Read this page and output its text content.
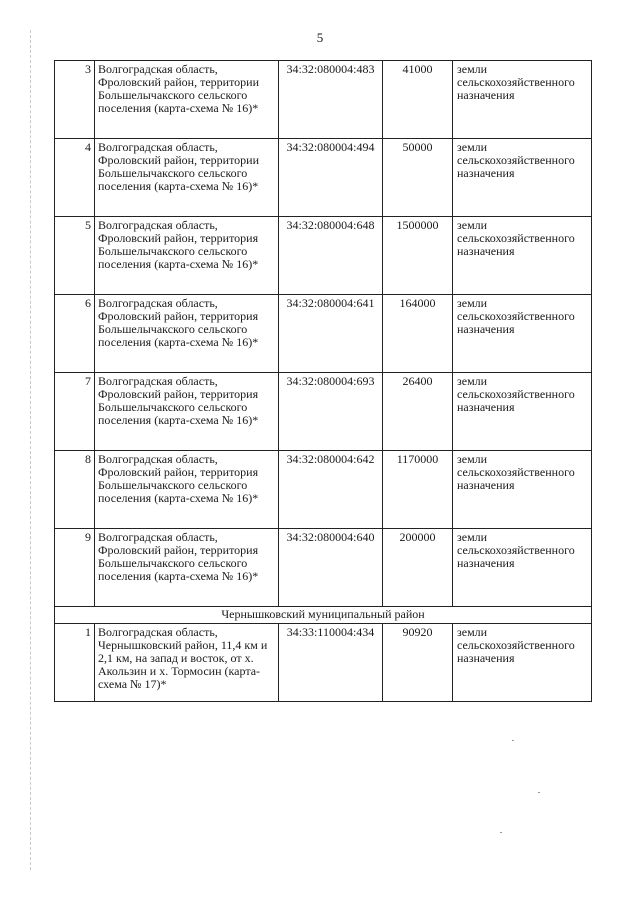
5
3	Волгоградская область, Фроловский район, территории Большелычакского сельского поселения (карта-схема № 16)*	34:32:080004:483	41000	земли сельскохозяйственного назначения
4	Волгоградская область, Фроловский район, территории Большелычакского сельского поселения (карта-схема № 16)*	34:32:080004:494	50000	земли сельскохозяйственного назначения
5	Волгоградская область, Фроловский район, территория Большелычакского сельского поселения (карта-схема № 16)*	34:32:080004:648	1500000	земли сельскохозяйственного назначения
6	Волгоградская область, Фроловский район, территория Большелычакского сельского поселения (карта-схема № 16)*	34:32:080004:641	164000	земли сельскохозяйственного назначения
7	Волгоградская область, Фроловский район, территория Большелычакского сельского поселения (карта-схема № 16)*	34:32:080004:693	26400	земли сельскохозяйственного назначения
8	Волгоградская область, Фроловский район, территория Большелычакского сельского поселения (карта-схема № 16)*	34:32:080004:642	1170000	земли сельскохозяйственного назначения
9	Волгоградская область, Фроловский район, территория Большелычакского сельского поселения (карта-схема № 16)*	34:32:080004:640	200000	земли сельскохозяйственного назначения
Чернышковский муниципальный район				
1	Волгоградская область, Чернышковский район, 11,4 км и 2,1 км, на запад и восток, от х. Акользин и х. Тормосин (карта-схема № 17)*	34:33:110004:434	90920	земли сельскохозяйственного назначения
